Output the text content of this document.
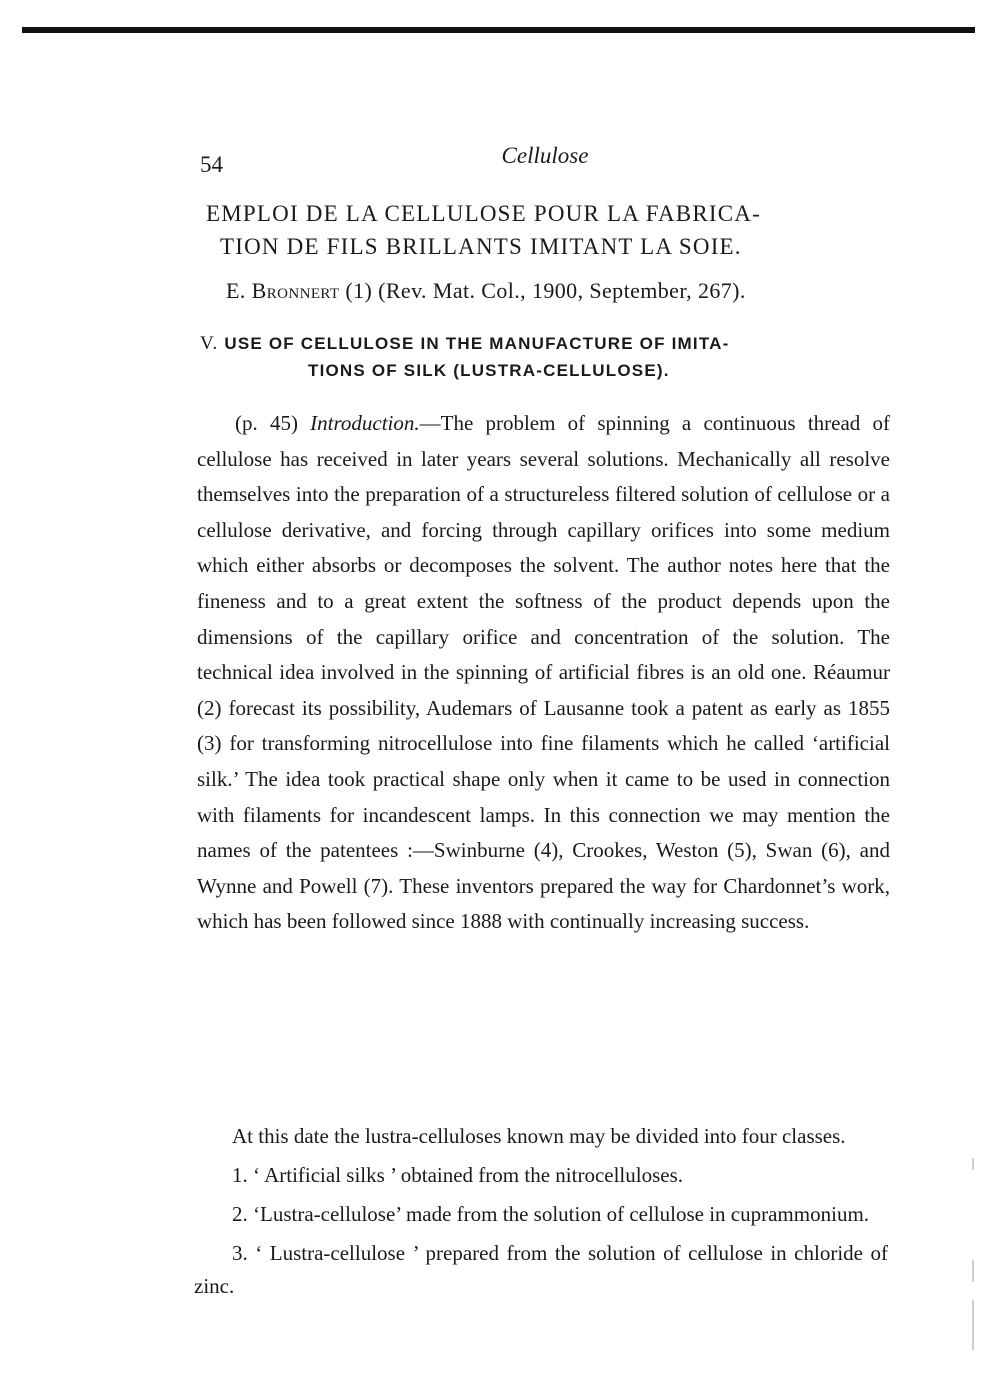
54	Cellulose
EMPLOI DE LA CELLULOSE POUR LA FABRICA-
TION DE FILS BRILLANTS IMITANT LA SOIE.
E. Bronnert (1) (Rev. Mat. Col., 1900, September, 267).
V. USE OF CELLULOSE IN THE MANUFACTURE OF IMITA-
TIONS OF SILK (LUSTRA-CELLULOSE).

(p. 45) Introduction.—The problem of spinning a continuous thread of cellulose has received in later years several solutions. Mechanically all resolve themselves into the preparation of a structureless filtered solution of cellulose or a cellulose derivative, and forcing through capillary orifices into some medium which either absorbs or decomposes the solvent. The author notes here that the fineness and to a great extent the softness of the product depends upon the dimensions of the capillary orifice and concentration of the solution. The technical idea involved in the spinning of artificial fibres is an old one. Réaumur (2) forecast its possibility, Audemars of Lausanne took a patent as early as 1855 (3) for transforming nitrocellulose into fine filaments which he called ‘artificial silk.’ The idea took practical shape only when it came to be used in connection with filaments for incandescent lamps. In this connection we may mention the names of the patentees :—Swinburne (4), Crookes, Weston (5), Swan (6), and Wynne and Powell (7). These inventors prepared the way for Chardonnet’s work, which has been followed since 1888 with continually increasing success.

At this date the lustra-celluloses known may be divided into four classes.

1. ‘ Artificial silks ’ obtained from the nitrocelluloses.

2. ‘Lustra-cellulose’ made from the solution of cellulose in cuprammonium.

3. ‘ Lustra-cellulose ’ prepared from the solution of cellulose in chloride of zinc.
